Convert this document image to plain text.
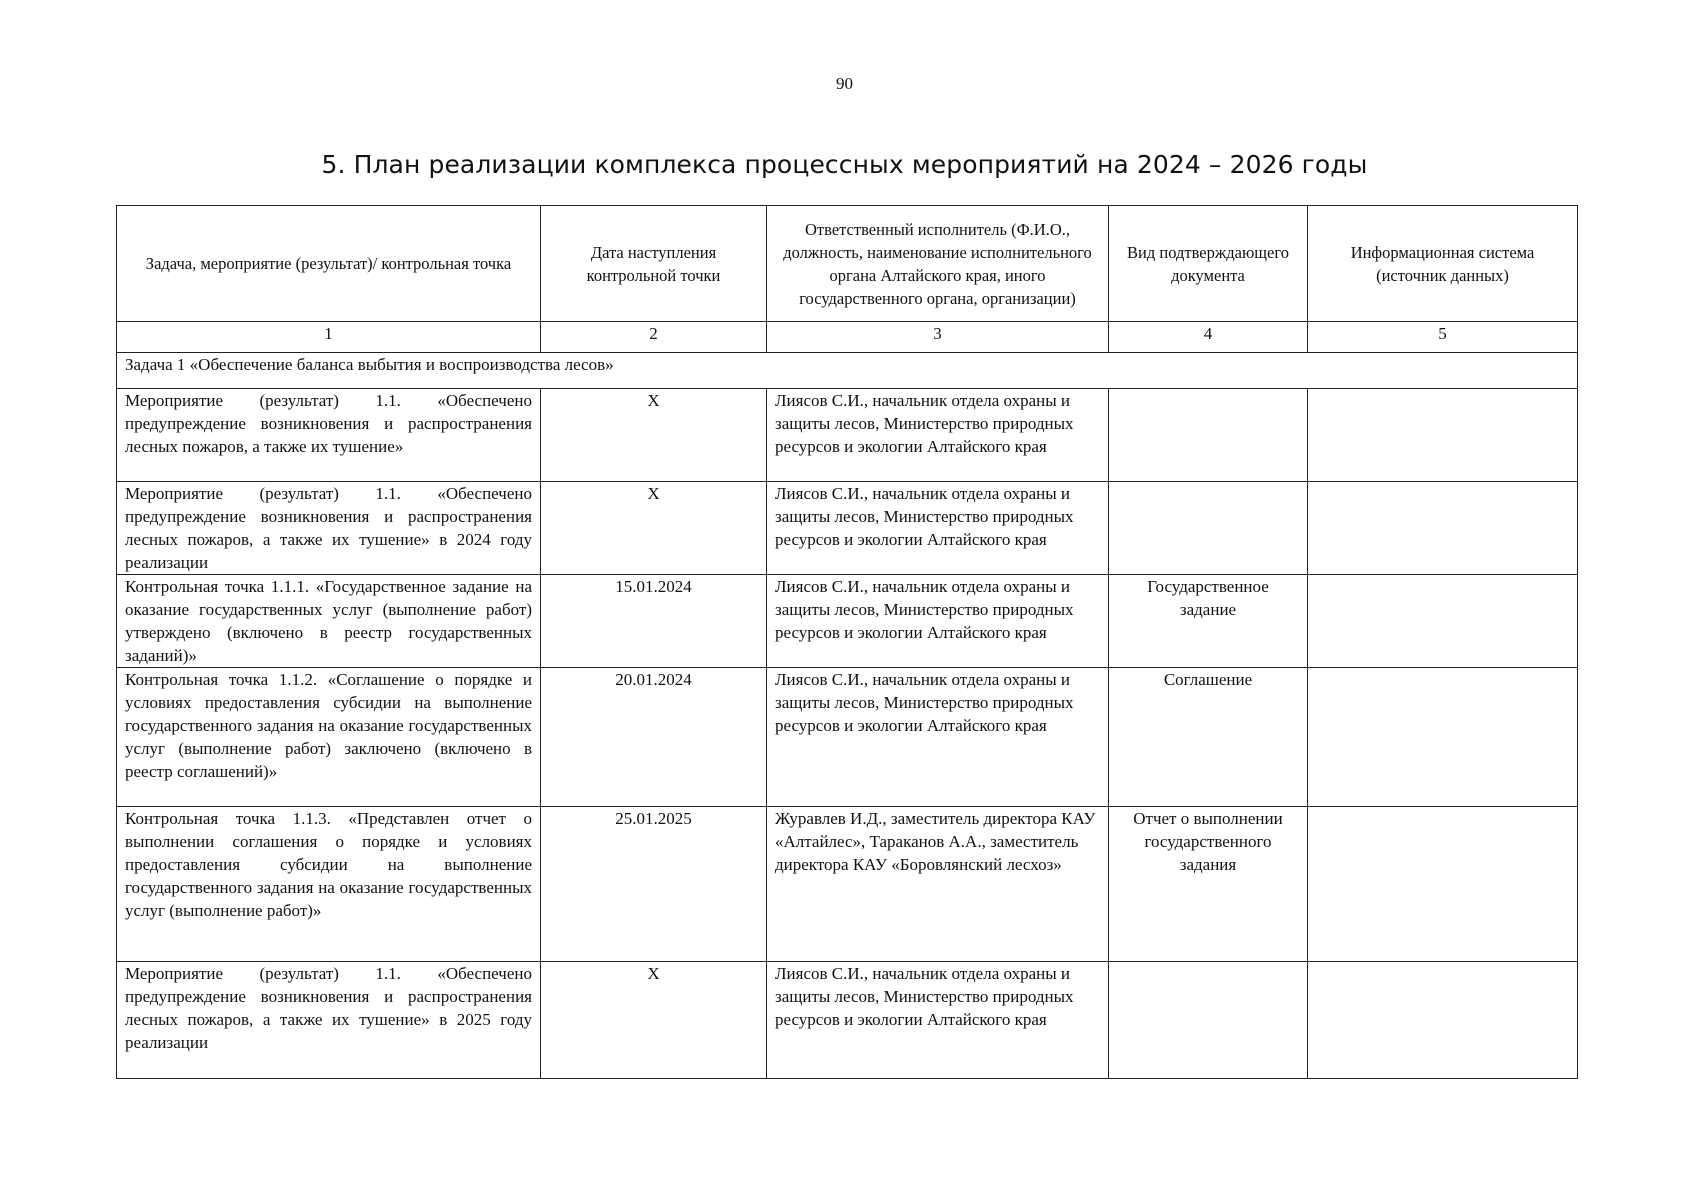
90
5. План реализации комплекса процессных мероприятий на 2024 – 2026 годы
Задача, мероприятие (результат)/ контрольная точка	Дата наступления контрольной точки	Ответственный исполнитель (Ф.И.О., должность, наименование исполнительного органа Алтайского края, иного государственного органа, организации)	Вид подтверждающего документа	Информационная система (источник данных)
1	2	3	4	5
Задача 1 «Обеспечение баланса выбытия и воспроизводства лесов»				
Мероприятие (результат) 1.1. «Обеспечено предупреждение возникновения и распространения лесных пожаров, а также их тушение»	X	Лиясов С.И., начальник отдела охраны и защиты лесов, Министерство природных ресурсов и экологии Алтайского края		
Мероприятие (результат) 1.1. «Обеспечено предупреждение возникновения и распространения лесных пожаров, а также их тушение» в 2024 году реализации	X	Лиясов С.И., начальник отдела охраны и защиты лесов, Министерство природных ресурсов и экологии Алтайского края		
Контрольная точка 1.1.1. «Государственное задание на оказание государственных услуг (выполнение работ) утверждено (включено в реестр государственных заданий)»	15.01.2024	Лиясов С.И., начальник отдела охраны и защиты лесов, Министерство природных ресурсов и экологии Алтайского края	Государственное задание	
Контрольная точка 1.1.2. «Соглашение о порядке и условиях предоставления субсидии на выполнение государственного задания на оказание государственных услуг (выполнение работ) заключено (включено в реестр соглашений)»	20.01.2024	Лиясов С.И., начальник отдела охраны и защиты лесов, Министерство природных ресурсов и экологии Алтайского края	Соглашение	
Контрольная точка 1.1.3. «Представлен отчет о выполнении соглашения о порядке и условиях предоставления субсидии на выполнение государственного задания на оказание государственных услуг (выполнение работ)»	25.01.2025	Журавлев И.Д., заместитель директора КАУ «Алтайлес», Тараканов А.А., заместитель директора КАУ «Боровлянский лесхоз»	Отчет о выполнении государственного задания	
Мероприятие (результат) 1.1. «Обеспечено предупреждение возникновения и распространения лесных пожаров, а также их тушение» в 2025 году реализации	X	Лиясов С.И., начальник отдела охраны и защиты лесов, Министерство природных ресурсов и экологии Алтайского края		
